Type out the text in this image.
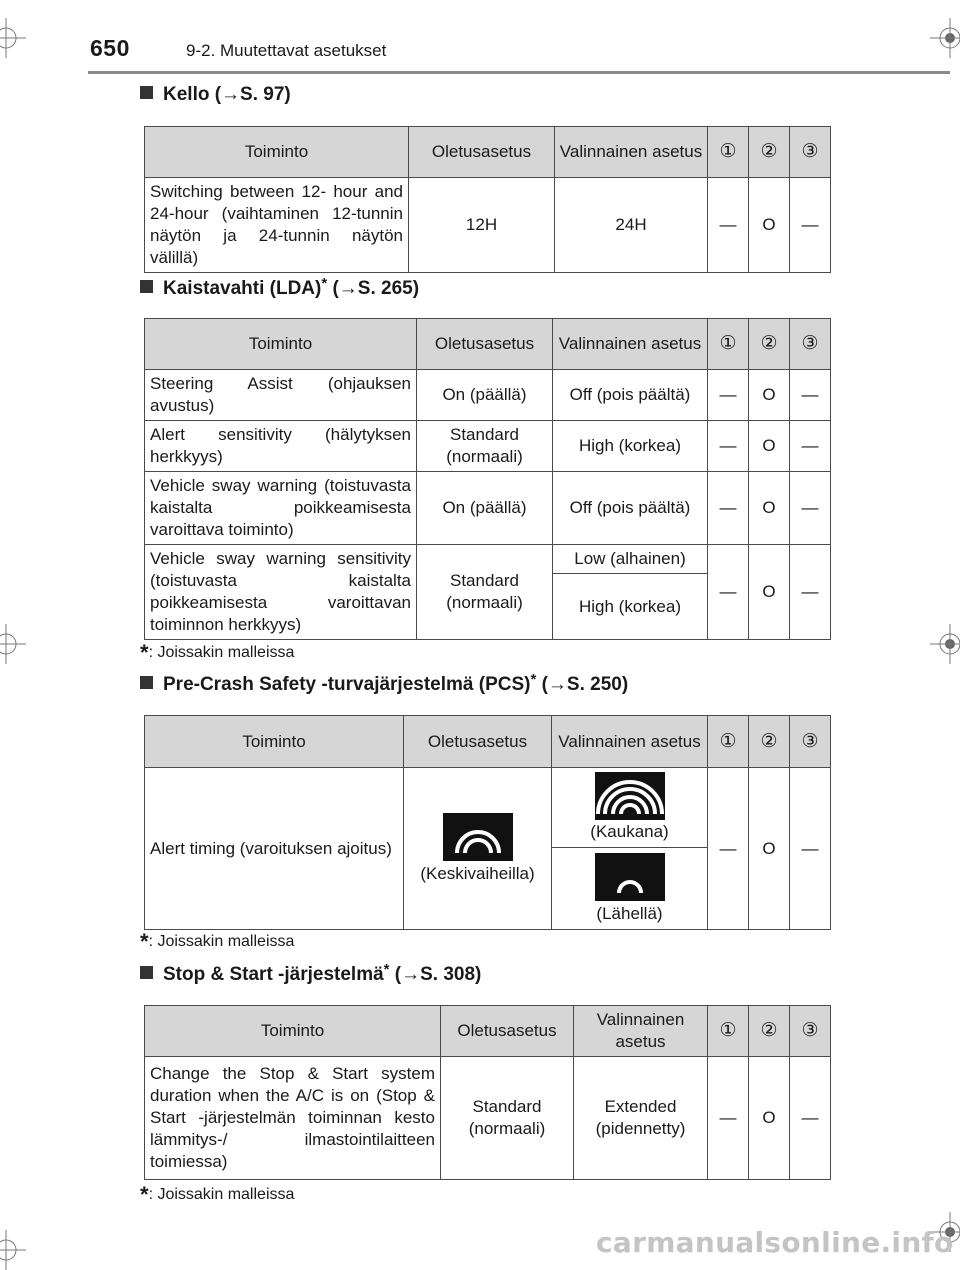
650	9-2. Muutettavat asetukset
Kello (→S. 97)
Toiminto	Oletusasetus	Valinnainen asetus	①	②	③
Switching between 12- hour and 24-hour (vaihtaminen 12-tunnin näytön ja 24-tunnin näytön välillä)	12H	24H	—	O	—
Kaistavahti (LDA)* (→S. 265)
Toiminto	Oletusasetus	Valinnainen asetus	①	②	③
Steering Assist (ohjauksen avustus)	On (päällä)	Off (pois päältä)	—	O	—
Alert sensitivity (hälytyksen herkkyys)	Standard (normaali)	High (korkea)	—	O	—
Vehicle sway warning (toistuvasta kaistalta poikkeamisesta varoittava toiminto)	On (päällä)	Off (pois päältä)	—	O	—
Vehicle sway warning sensitivity (toistuvasta kaistalta poikkeamisesta varoittavan toiminnon herkkyys)	Standard (normaali)	Low (alhainen)	—	O	—
		High (korkea)			
*: Joissakin malleissa
Pre-Crash Safety -turvajärjestelmä (PCS)* (→S. 250)
Toiminto	Oletusasetus	Valinnainen asetus	①	②	③
Alert timing (varoituksen ajoitus)	(Keskivaiheilla)	(Kaukana)	—	O	—

		(Lähellä)			
*: Joissakin malleissa
Stop & Start -järjestelmä* (→S. 308)
Toiminto	Oletusasetus	Valinnainen asetus	①	②	③
Change the Stop & Start system duration when the A/C is on (Stop & Start -järjestelmän toiminnan kesto lämmitys-/ ilmastointilaitteen toimiessa)	Standard (normaali)	Extended (pidennetty)	—	O	—
*: Joissakin malleissa
carmanualsonline.info
